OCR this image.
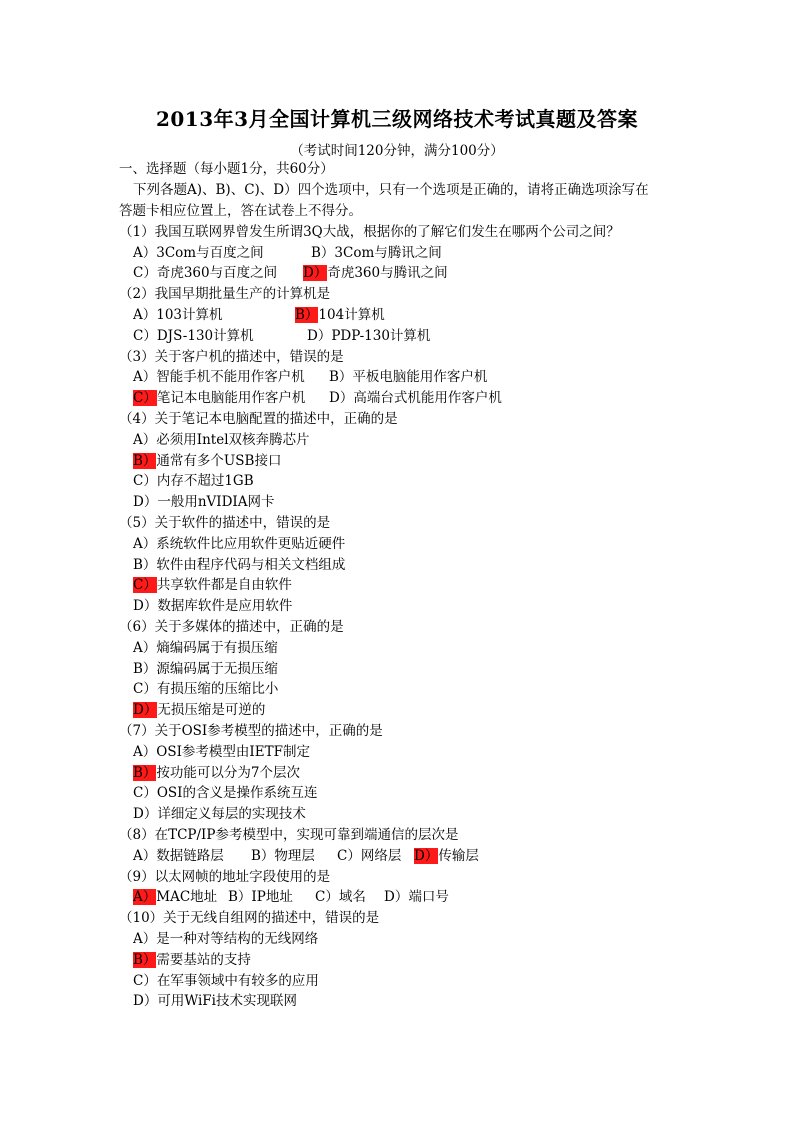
2013年3月全国计算机三级网络技术考试真题及答案
（考试时间120分钟，满分100分）
一、选择题（每小题1分，共60分）
下列各题A)、B)、C)、D）四个选项中，只有一个选项是正确的，请将正确选项涂写在
答题卡相应位置上，答在试卷上不得分。
（1）我国互联网界曾发生所谓3Q大战，根据你的了解它们发生在哪两个公司之间？
A）3Com与百度之间	B）3Com与腾讯之间
C）奇虎360与百度之间 D）奇虎360与腾讯之间
（2）我国早期批量生产的计算机是
A）103计算机	B）104计算机
C）DJS-130计算机	D）PDP-130计算机
（3）关于客户机的描述中，错误的是
A）智能手机不能用作客户机 B）平板电脑能用作客户机
C）笔记本电脑能用作客户机 D）高端台式机能用作客户机
（4）关于笔记本电脑配置的描述中，正确的是
A）必须用Intel双核奔腾芯片
B）通常有多个USB接口
C）内存不超过1GB
D）一般用nVIDIA网卡
（5）关于软件的描述中，错误的是
A）系统软件比应用软件更贴近硬件
B）软件由程序代码与相关文档组成
C）共享软件都是自由软件
D）数据库软件是应用软件
（6）关于多媒体的描述中，正确的是
A）熵编码属于有损压缩
B）源编码属于无损压缩
C）有损压缩的压缩比小
D）无损压缩是可逆的
（7）关于OSI参考模型的描述中，正确的是
A）OSI参考模型由IETF制定
B）按功能可以分为7个层次
C）OSI的含义是操作系统互连
D）详细定义每层的实现技术
（8）在TCP/IP参考模型中，实现可靠到端通信的层次是
A）数据链路层 B）物理层 C）网络层 D）传输层
（9）以太网帧的地址字段使用的是
A）MAC地址 B）IP地址 C）域名 D）端口号
（10）关于无线自组网的描述中，错误的是
A）是一种对等结构的无线网络
B）需要基站的支持
C）在军事领域中有较多的应用
D）可用WiFi技术实现联网
